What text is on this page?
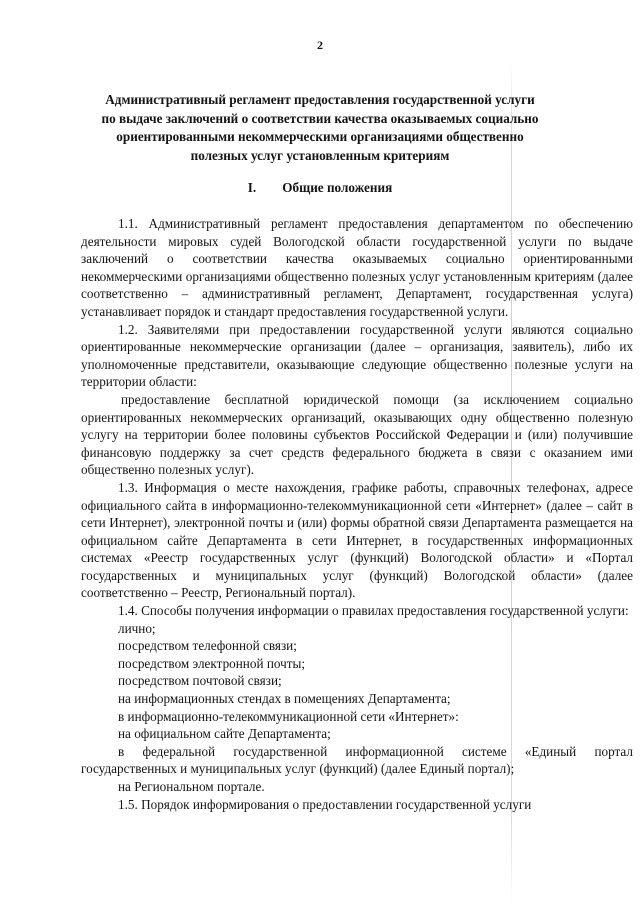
2
Административный регламент предоставления государственной услуги
по выдаче заключений о соответствии качества оказываемых социально
ориентированными некоммерческими организациями общественно
полезных услуг установленным критериям
I. Общие положения

1.1. Административный регламент предоставления департаментом по обеспечению деятельности мировых судей Вологодской области государственной услуги по выдаче заключений о соответствии качества оказываемых социально ориентированными некоммерческими организациями общественно полезных услуг установленным критериям (далее соответственно – административный регламент, Департамент, государственная услуга) устанавливает порядок и стандарт предоставления государственной услуги.

1.2. Заявителями при предоставлении государственной услуги являются социально ориентированные некоммерческие организации (далее – организация, заявитель), либо их уполномоченные представители, оказывающие следующие общественно полезные услуги на территории области:

предоставление бесплатной юридической помощи (за исключением социально ориентированных некоммерческих организаций, оказывающих одну общественно полезную услугу на территории более половины субъектов Российской Федерации и (или) получившие финансовую поддержку за счет средств федерального бюджета в связи с оказанием ими общественно полезных услуг).

1.3. Информация о месте нахождения, графике работы, справочных телефонах, адресе официального сайта в информационно-телекоммуникационной сети «Интернет» (далее – сайт в сети Интернет), электронной почты и (или) формы обратной связи Департамента размещается на официальном сайте Департамента в сети Интернет, в государственных информационных системах «Реестр государственных услуг (функций) Вологодской области» и «Портал государственных и муниципальных услуг (функций) Вологодской области» (далее соответственно – Реестр, Региональный портал).

1.4. Способы получения информации о правилах предоставления государственной услуги:

лично;
посредством телефонной связи;
посредством электронной почты;
посредством почтовой связи;
на информационных стендах в помещениях Департамента;
в информационно-телекоммуникационной сети «Интернет»:
на официальном сайте Департамента;
в федеральной государственной информационной системе «Единый портал государственных и муниципальных услуг (функций) (далее Единый портал);
на Региональном портале.

1.5. Порядок информирования о предоставлении государственной услуги
